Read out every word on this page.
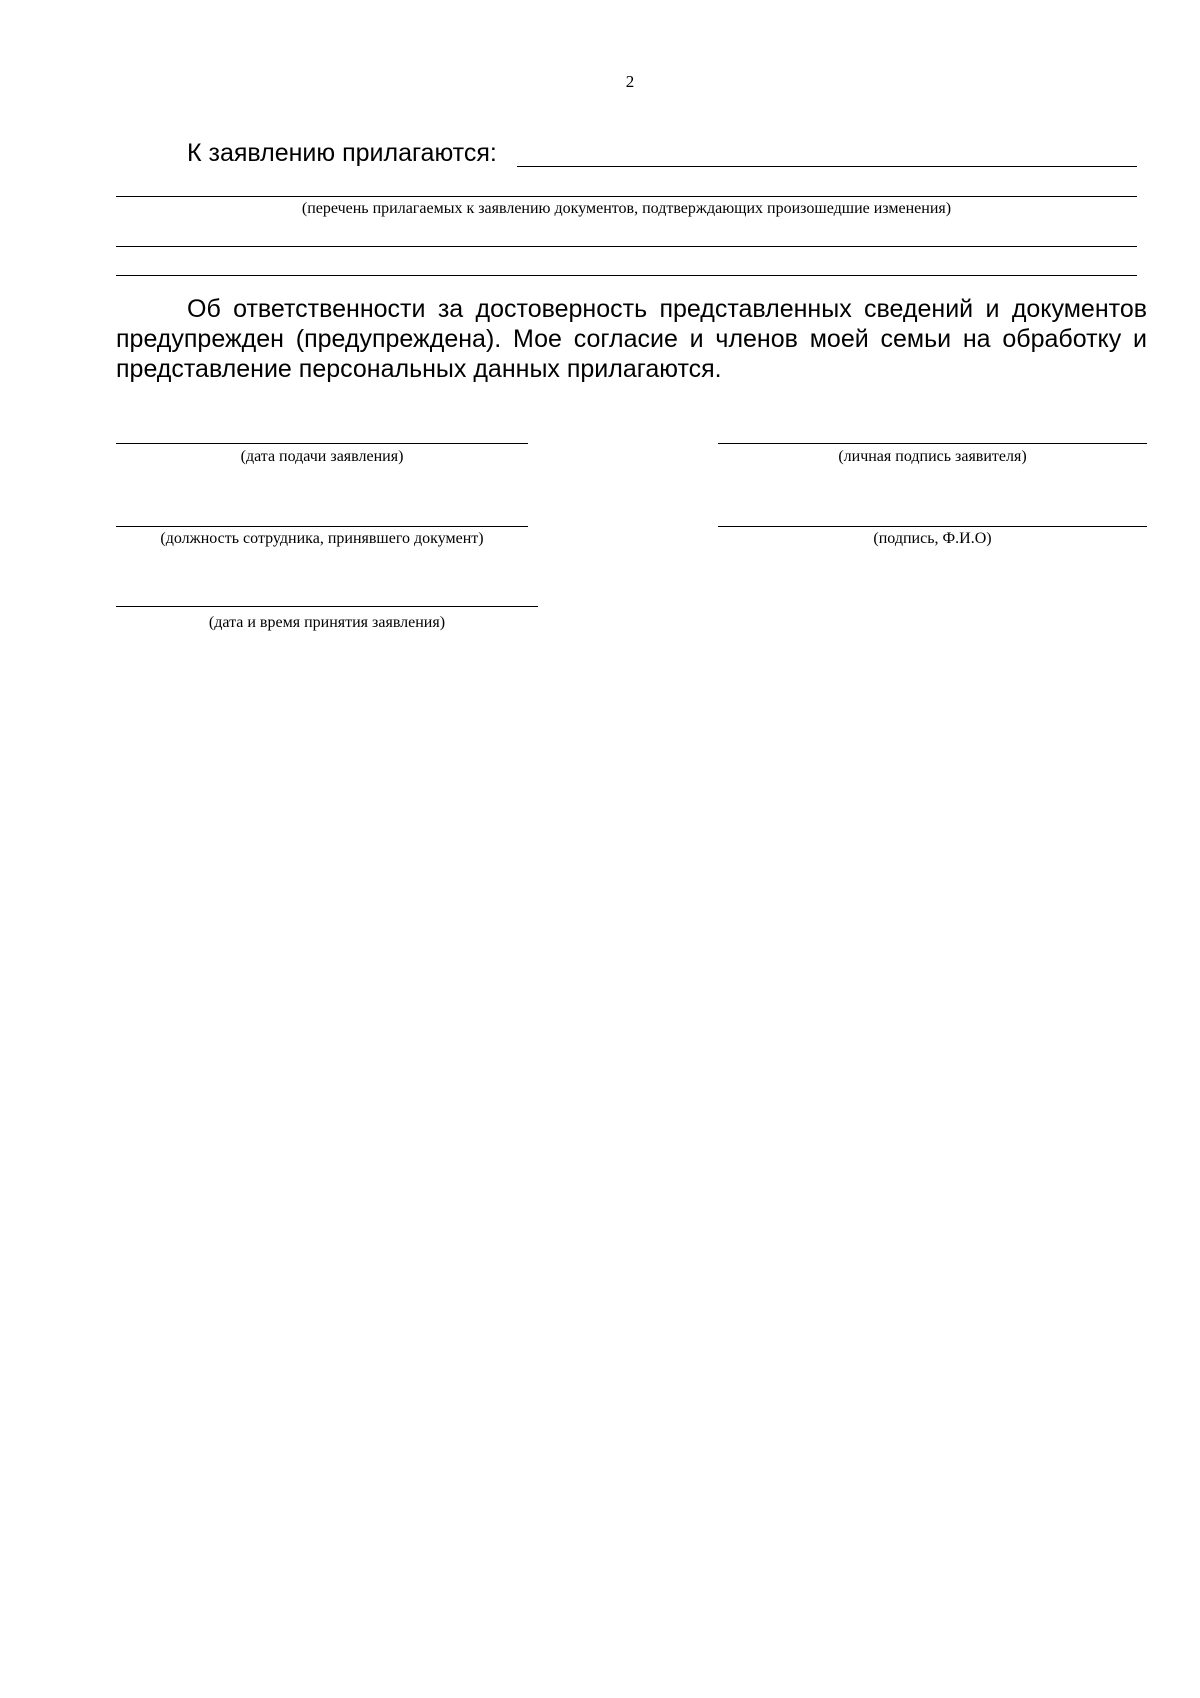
2
К заявлению прилагаются:
(перечень прилагаемых к заявлению документов, подтверждающих произошедшие изменения)

Об ответственности за достоверность представленных сведений и документов предупрежден (предупреждена). Мое согласие и членов моей семьи на обработку и представление персональных данных прилагаются.

(дата подачи заявления)	(личная подпись заявителя)
(должность сотрудника, принявшего документ)	(подпись, Ф.И.О)
(дата и время принятия заявления)
